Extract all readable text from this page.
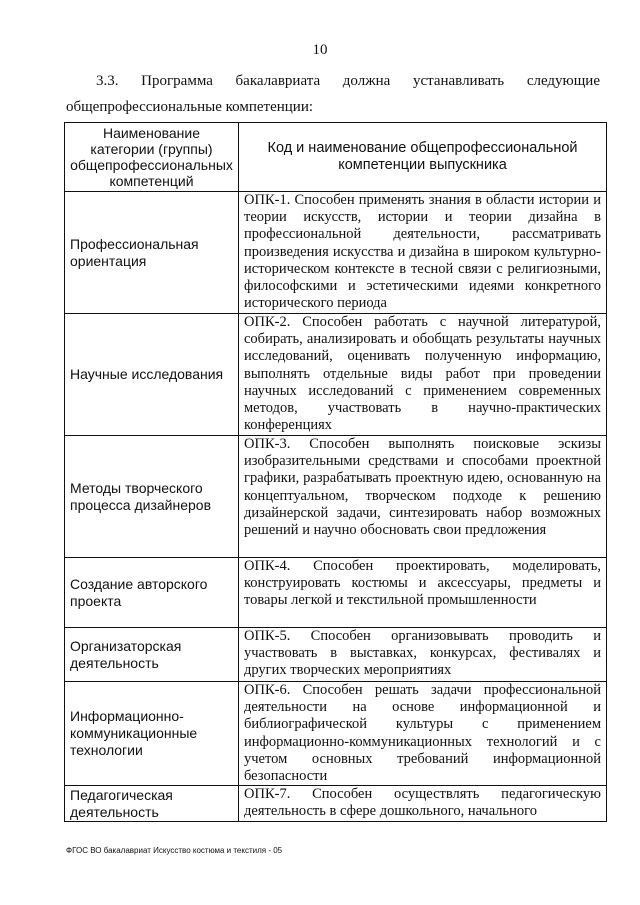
10
3.3. Программа бакалавриата должна устанавливать следующие
общепрофессиональные компетенции:
Наименование категории (группы) общепрофессиональных компетенций	Код и наименование общепрофессиональной компетенции выпускника
Профессиональная ориентация	ОПК-1. Способен применять знания в области истории и теории искусств, истории и теории дизайна в профессиональной деятельности, рассматривать произведения искусства и дизайна в широком культурно-историческом контексте в тесной связи с религиозными, философскими и эстетическими идеями конкретного исторического периода
Научные исследования	ОПК-2. Способен работать с научной литературой, собирать, анализировать и обобщать результаты научных исследований, оценивать полученную информацию, выполнять отдельные виды работ при проведении научных исследований с применением современных методов, участвовать в научно-практических конференциях
Методы творческого процесса дизайнеров	ОПК-3. Способен выполнять поисковые эскизы изобразительными средствами и способами проектной графики, разрабатывать проектную идею, основанную на концептуальном, творческом подходе к решению дизайнерской задачи, синтезировать набор возможных решений и научно обосновать свои предложения
Создание авторского проекта	ОПК-4. Способен проектировать, моделировать, конструировать костюмы и аксессуары, предметы и товары легкой и текстильной промышленности
Организаторская деятельность	ОПК-5. Способен организовывать проводить и участвовать в выставках, конкурсах, фестивалях и других творческих мероприятиях
Информационно-коммуникационные технологии	ОПК-6. Способен решать задачи профессиональной деятельности на основе информационной и библиографической культуры с применением информационно-коммуникационных технологий и с учетом основных требований информационной безопасности
Педагогическая деятельность	ОПК-7. Способен осуществлять педагогическую деятельность в сфере дошкольного, начального
ФГОС ВО бакалавриат Искусство костюма и текстиля - 05
